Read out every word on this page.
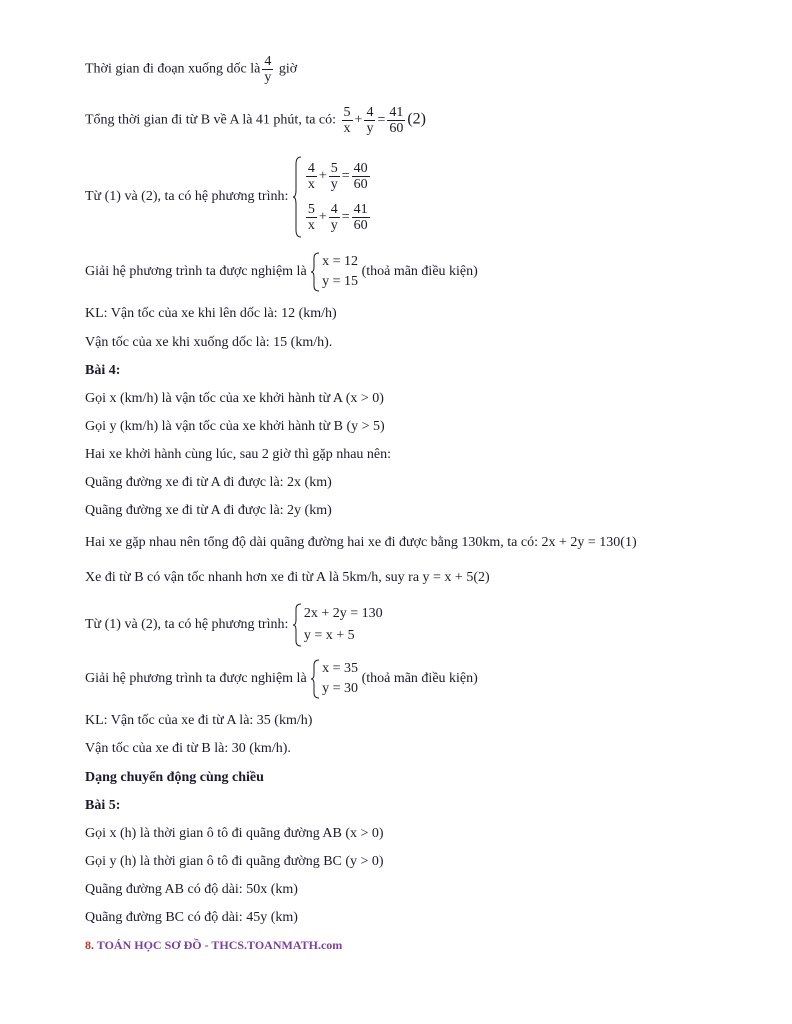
Thời gian đi đoạn xuống dốc là $\frac{4}{y}$ giờ
Tổng thời gian đi từ B về A là 41 phút, ta có: $\frac{5}{x} + \frac{4}{y} = \frac{41}{60} (2)$
Từ (1) và (2), ta có hệ phương trình:
$\frac{4}{x} + \frac{5}{y} = \frac{40}{60}$
$\frac{5}{x} + \frac{4}{y} = \frac{41}{60}$
Giải hệ phương trình ta được nghiệm là
x = 12
y = 15
(thoả mãn điều kiện)
KL: Vận tốc của xe khi lên dốc là: 12 (km/h)
Vận tốc của xe khi xuống dốc là: 15 (km/h).
Bài 4:
Gọi x (km/h) là vận tốc của xe khởi hành từ A (x > 0)
Gọi y (km/h) là vận tốc của xe khởi hành từ B (y > 5)
Hai xe khởi hành cùng lúc, sau 2 giờ thì gặp nhau nên:
Quãng đường xe đi từ A đi được là: 2x (km)
Quãng đường xe đi từ A đi được là: 2y (km)
Hai xe gặp nhau nên tổng độ dài quãng đường hai xe đi được bằng 130km, ta có: 2x + 2y = 130(1)
Xe đi từ B có vận tốc nhanh hơn xe đi từ A là 5km/h, suy ra y = x + 5(2)
Từ (1) và (2), ta có hệ phương trình:
2x + 2y = 130
y = x + 5
Giải hệ phương trình ta được nghiệm là
x = 35
y = 30
(thoả mãn điều kiện)
KL: Vận tốc của xe đi từ A là: 35 (km/h)
Vận tốc của xe đi từ B là: 30 (km/h).
Dạng chuyển động cùng chiều
Bài 5:
Gọi x (h) là thời gian ô tô đi quãng đường AB (x > 0)
Gọi y (h) là thời gian ô tô đi quãng đường BC (y > 0)
Quãng đường AB có độ dài: 50x (km)
Quãng đường BC có độ dài: 45y (km)
8. TOÁN HỌC SƠ ĐỒ - THCS.TOANMATH.com
